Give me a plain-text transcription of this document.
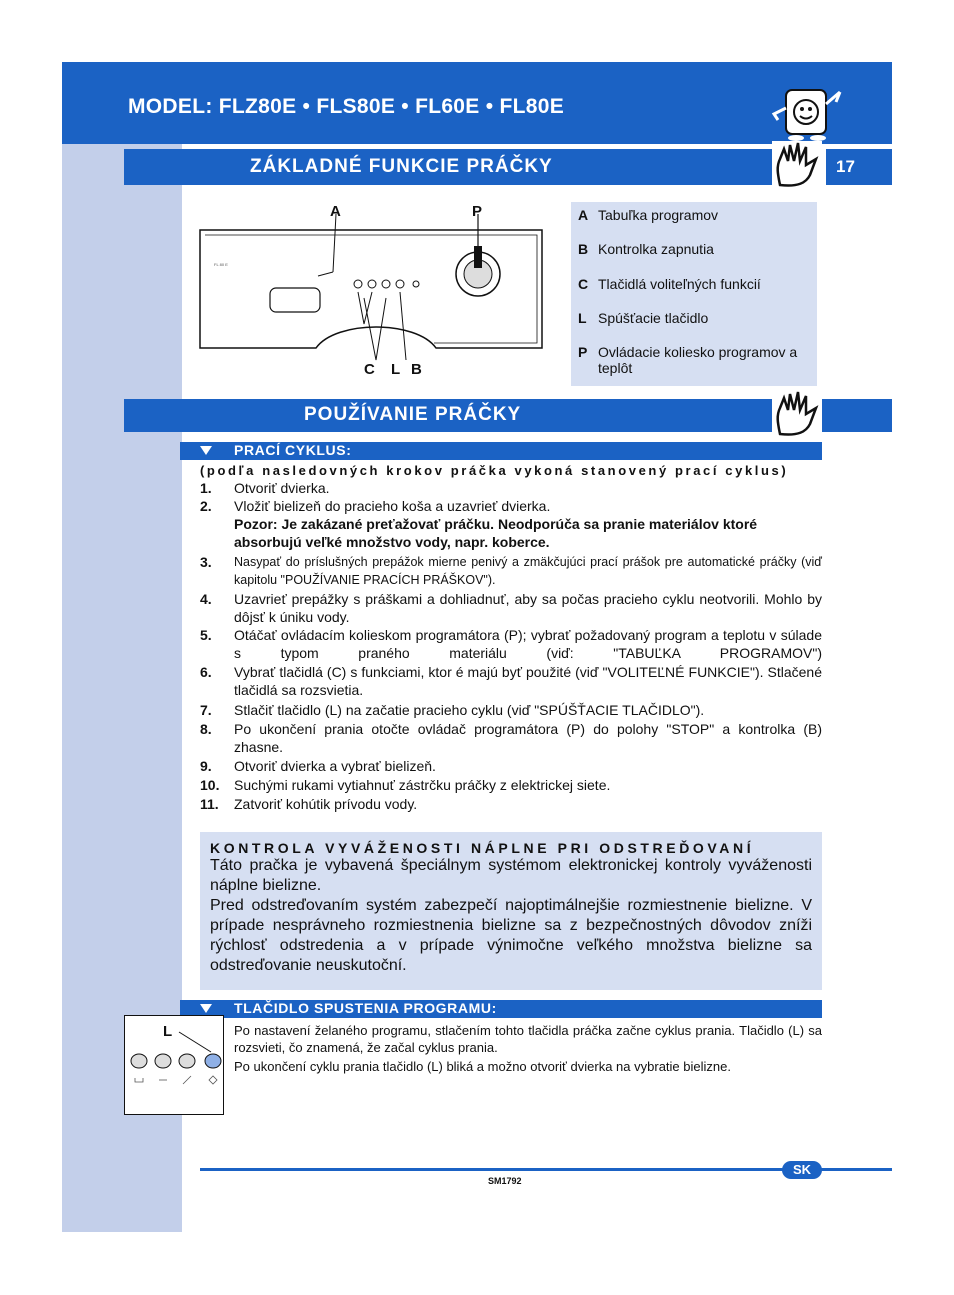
MODEL: FLZ80E • FLS80E • FL60E • FL80E
ZÁKLADNÉ FUNKCIE PRÁČKY	17
FL 80 E
A	P
C L B
A Tabuľka programov
B Kontrolka zapnutia
C Tlačidlá voliteľných funkcií
L Spúšťacie tlačidlo
P Ovládacie koliesko programov a teplôt
POUŽÍVANIE PRÁČKY
PRACÍ CYKLUS:
(podľa nasledovných krokov práčka vykoná stanovený prací cyklus)
1. Otvoriť dvierka.
2. Vložiť bielizeň do pracieho koša a uzavrieť dvierka.
Pozor: Je zakázané preťažovať práčku. Neodporúča sa pranie materiálov ktoré absorbujú veľké množstvo vody, napr. koberce.
3. Nasypať do príslušných prepážok mierne penivý a zmäkčujúci prací prášok pre automatické práčky (viď kapitolu "POUŽÍVANIE PRACÍCH PRÁŠKOV").
4. Uzavrieť prepážky s práškami a dohliadnuť, aby sa počas pracieho cyklu neotvorili. Mohlo by dôjsť k úniku vody.
5. Otáčať ovládacím kolieskom programátora (P); vybrať požadovaný program a teplotu v súlade s typom praného materiálu (viď: "TABUĽKA PROGRAMOV")
6. Vybrať tlačidlá (C) s funkciami, ktor é majú byť použité (viď "VOLITEĽNÉ FUNKCIE"). Stlačené tlačidlá sa rozsvietia.
7. Stlačiť tlačidlo (L) na začatie pracieho cyklu (viď "SPÚŠŤACIE TLAČIDLO").
8. Po ukončení prania otočte ovládač programátora (P) do polohy "STOP" a kontrolka (B) zhasne.
9. Otvoriť dvierka a vybrať bielizeň.
10. Suchými rukami vytiahnuť zástrčku práčky z elektrickej siete.
11. Zatvoriť kohútik prívodu vody.
KONTROLA VYVÁŽENOSTI NÁPLNE PRI ODSTREĎOVANÍ
Táto pračka je vybavená špeciálnym systémom elektronickej kontroly vyváženosti náplne bielizne.
Pred odstreďovaním systém zabezpečí najoptimálnejšie rozmiestnenie bielizne. V prípade nesprávneho rozmiestnenia bielizne sa z bezpečnostných dôvodov zníži rýchlosť odstredenia a v prípade výnimočne veľkého množstva bielizne sa odstreďovanie neuskutoční.
TLAČIDLO SPUSTENIA PROGRAMU:
L	Po nastavení želaného programu, stlačením tohto tlačidla práčka začne cyklus prania. Tlačidlo (L) sa rozsvieti, čo znamená, že začal cyklus prania.
Po ukončení cyklu prania tlačidlo (L) bliká a možno otvoriť dvierka na vybratie bielizne.
SK
SM1792
